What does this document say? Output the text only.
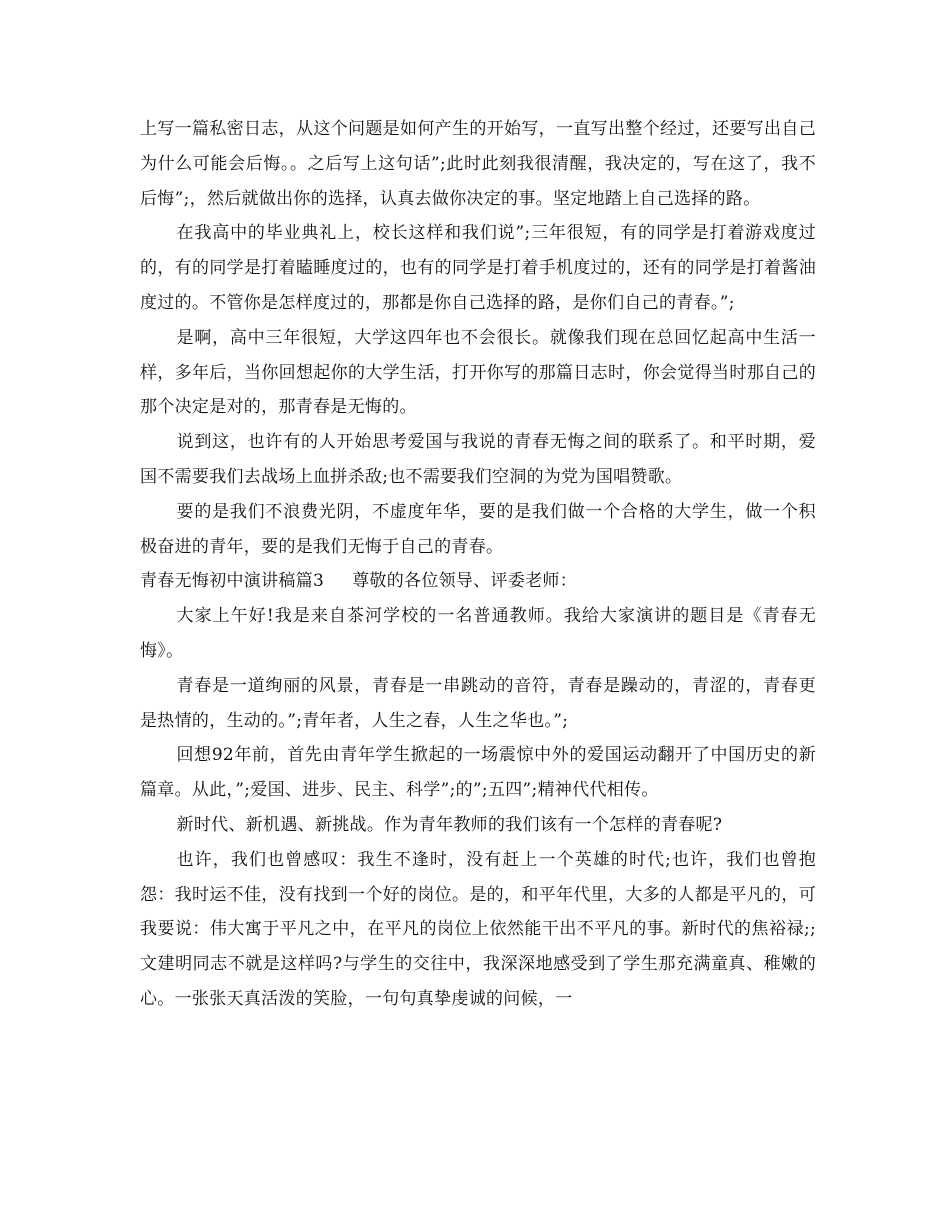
上写一篇私密日志，从这个问题是如何产生的开始写，一直写出整个经过，还要写出自己为什么可能会后悔。。之后写上这句话”;此时此刻我很清醒，我决定的，写在这了，我不后悔”;，然后就做出你的选择，认真去做你决定的事。坚定地踏上自己选择的路。

在我高中的毕业典礼上，校长这样和我们说”;三年很短，有的同学是打着游戏度过的，有的同学是打着瞌睡度过的，也有的同学是打着手机度过的，还有的同学是打着酱油度过的。不管你是怎样度过的，那都是你自己选择的路，是你们自己的青春。”;

是啊，高中三年很短，大学这四年也不会很长。就像我们现在总回忆起高中生活一样，多年后，当你回想起你的大学生活，打开你写的那篇日志时，你会觉得当时那自己的那个决定是对的，那青春是无悔的。

说到这，也许有的人开始思考爱国与我说的青春无悔之间的联系了。和平时期，爱国不需要我们去战场上血拼杀敌;也不需要我们空洞的为党为国唱赞歌。

要的是我们不浪费光阴，不虚度年华，要的是我们做一个合格的大学生，做一个积极奋进的青年，要的是我们无悔于自己的青春。

青春无悔初中演讲稿篇3 尊敬的各位领导、评委老师：

大家上午好!我是来自茶河学校的一名普通教师。我给大家演讲的题目是《青春无悔》。

青春是一道绚丽的风景，青春是一串跳动的音符，青春是躁动的，青涩的，青春更是热情的，生动的。”;青年者，人生之春，人生之华也。”;

回想92年前，首先由青年学生掀起的一场震惊中外的爱国运动翻开了中国历史的新篇章。从此，”;爱国、进步、民主、科学”;的”;五四”;精神代代相传。

新时代、新机遇、新挑战。作为青年教师的我们该有一个怎样的青春呢?

也许，我们也曾感叹：我生不逢时，没有赶上一个英雄的时代;也许，我们也曾抱怨：我时运不佳，没有找到一个好的岗位。是的，和平年代里，大多的人都是平凡的，可我要说：伟大寓于平凡之中，在平凡的岗位上依然能干出不平凡的事。新时代的焦裕禄;;文建明同志不就是这样吗?与学生的交往中，我深深地感受到了学生那充满童真、稚嫩的心。一张张天真活泼的笑脸，一句句真挚虔诚的问候，一
